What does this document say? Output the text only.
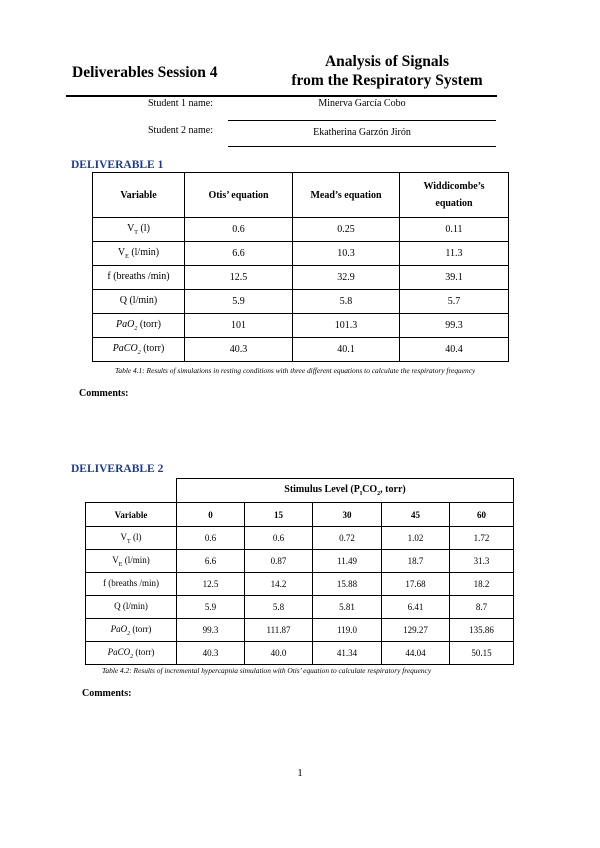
Deliverables Session 4
Analysis of Signals
from the Respiratory System
Student 1 name:	Minerva García Cobo
Student 2 name:	Ekatherina Garzón Jirón
DELIVERABLE 1
Variable	Otis’ equation	Mead’s equation	Widdicombe’s equation
$V_T$ (l)	0.6	0.25	0.11
$V_E$ (l/min)	6.6	10.3	11.3
f (breaths /min)	12.5	32.9	39.1
Q (l/min)	5.9	5.8	5.7
PaO$_2$ (torr)	101	101.3	99.3
PaCO$_2$ (torr)	40.3	40.1	40.4
Table 4.1: Results of simulations in resting conditions with three different equations to calculate the respiratory frequency
Comments:
DELIVERABLE 2
	Stimulus Level ($P_ICO_2$, torr)				
Variable	0	15	30	45	60
$V_T$ (l)	0.6	0.6	0.72	1.02	1.72
$V_E$ (l/min)	6.6	0.87	11.49	18.7	31.3
f (breaths /min)	12.5	14.2	15.88	17.68	18.2
Q (l/min)	5.9	5.8	5.81	6.41	8.7
PaO$_2$ (torr)	99.3	111.87	119.0	129.27	135.86
PaCO$_2$ (torr)	40.3	40.0	41.34	44.04	50.15
Table 4.2: Results of incremental hypercapnia simulation with Otis’ equation to calculate respiratory frequency
Comments:
1
